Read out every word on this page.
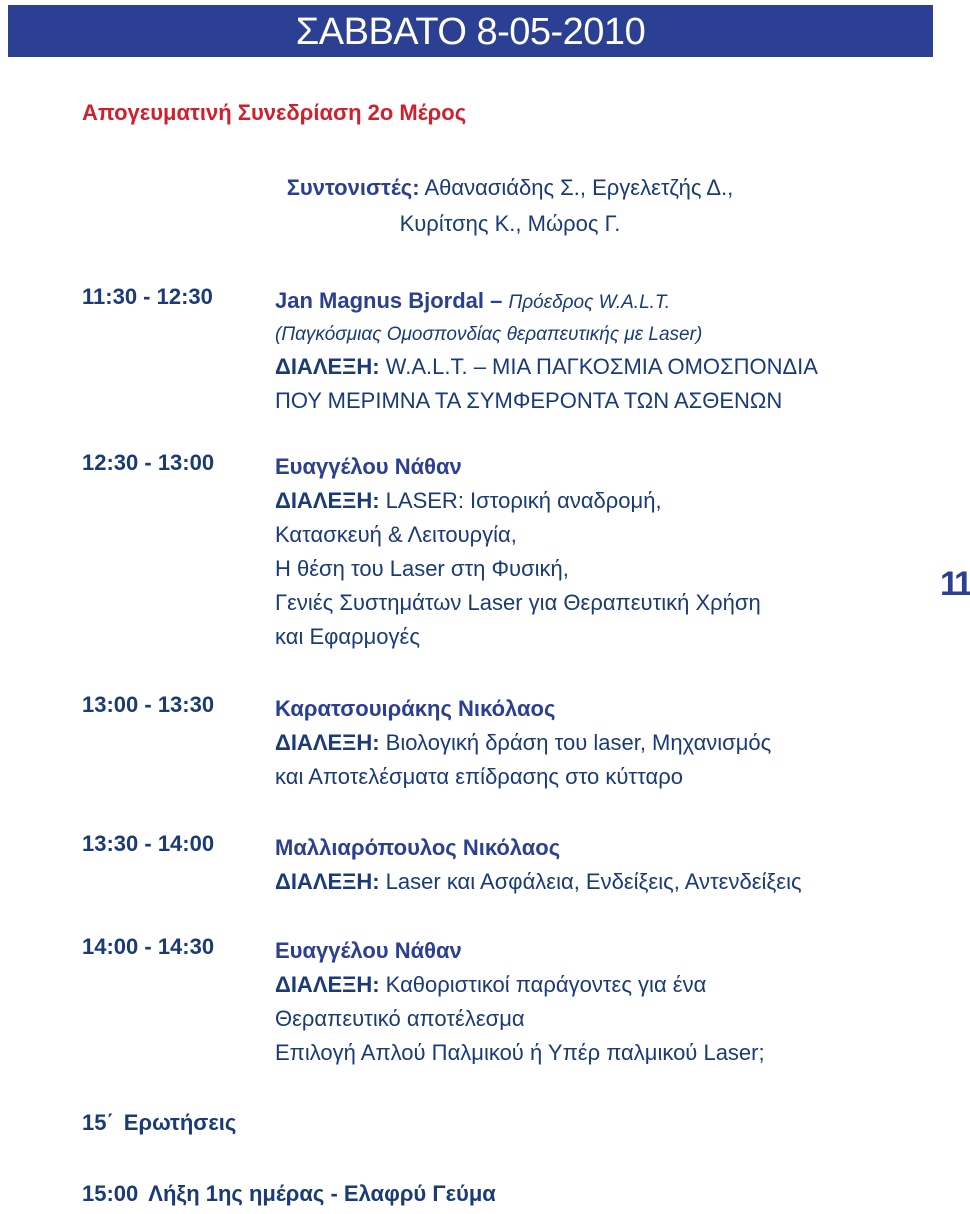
ΣΑΒΒΑΤΟ 8-05-2010
Απογευματινή Συνεδρίαση 2ο Μέρος
Συντονιστές: Αθανασιάδης Σ., Εργελετζής Δ.,
Κυρίτσης Κ., Μώρος Γ.
11:30 - 12:30	Jan Magnus Bjordal – Πρόεδρος W.A.L.T.
(Παγκόσμιας Ομοσπονδίας θεραπευτικής με Laser)
ΔΙΑΛΕΞΗ: W.A.L.T. – ΜΙΑ ΠΑΓΚΟΣΜΙΑ ΟΜΟΣΠΟΝΔΙΑ
ΠΟΥ ΜΕΡΙΜΝΑ ΤΑ ΣΥΜΦΕΡΟΝΤΑ ΤΩΝ ΑΣΘΕΝΩΝ
12:30 - 13:00	Ευαγγέλου Νάθαν
ΔΙΑΛΕΞΗ: LASER: Ιστορική αναδρομή,
Κατασκευή & Λειτουργία,
Η θέση του Laser στη Φυσική,
Γενιές Συστημάτων Laser για Θεραπευτική Χρήση
και Εφαρμογές
13:00 - 13:30	Καρατσουιράκης Νικόλαος
ΔΙΑΛΕΞΗ: Βιολογική δράση του laser, Μηχανισμός
και Αποτελέσματα επίδρασης στο κύτταρο
13:30 - 14:00	Μαλλιαρόπουλος Νικόλαος
ΔΙΑΛΕΞΗ: Laser και Ασφάλεια, Ενδείξεις, Αντενδείξεις
14:00 - 14:30	Ευαγγέλου Νάθαν
ΔΙΑΛΕΞΗ: Καθοριστικοί παράγοντες για ένα
Θεραπευτικό αποτέλεσμα
Επιλογή Απλού Παλμικού ή Υπέρ παλμικού Laser;
15΄ Ερωτήσεις
15:00 Λήξη 1ης ημέρας - Ελαφρύ Γεύμα
11
